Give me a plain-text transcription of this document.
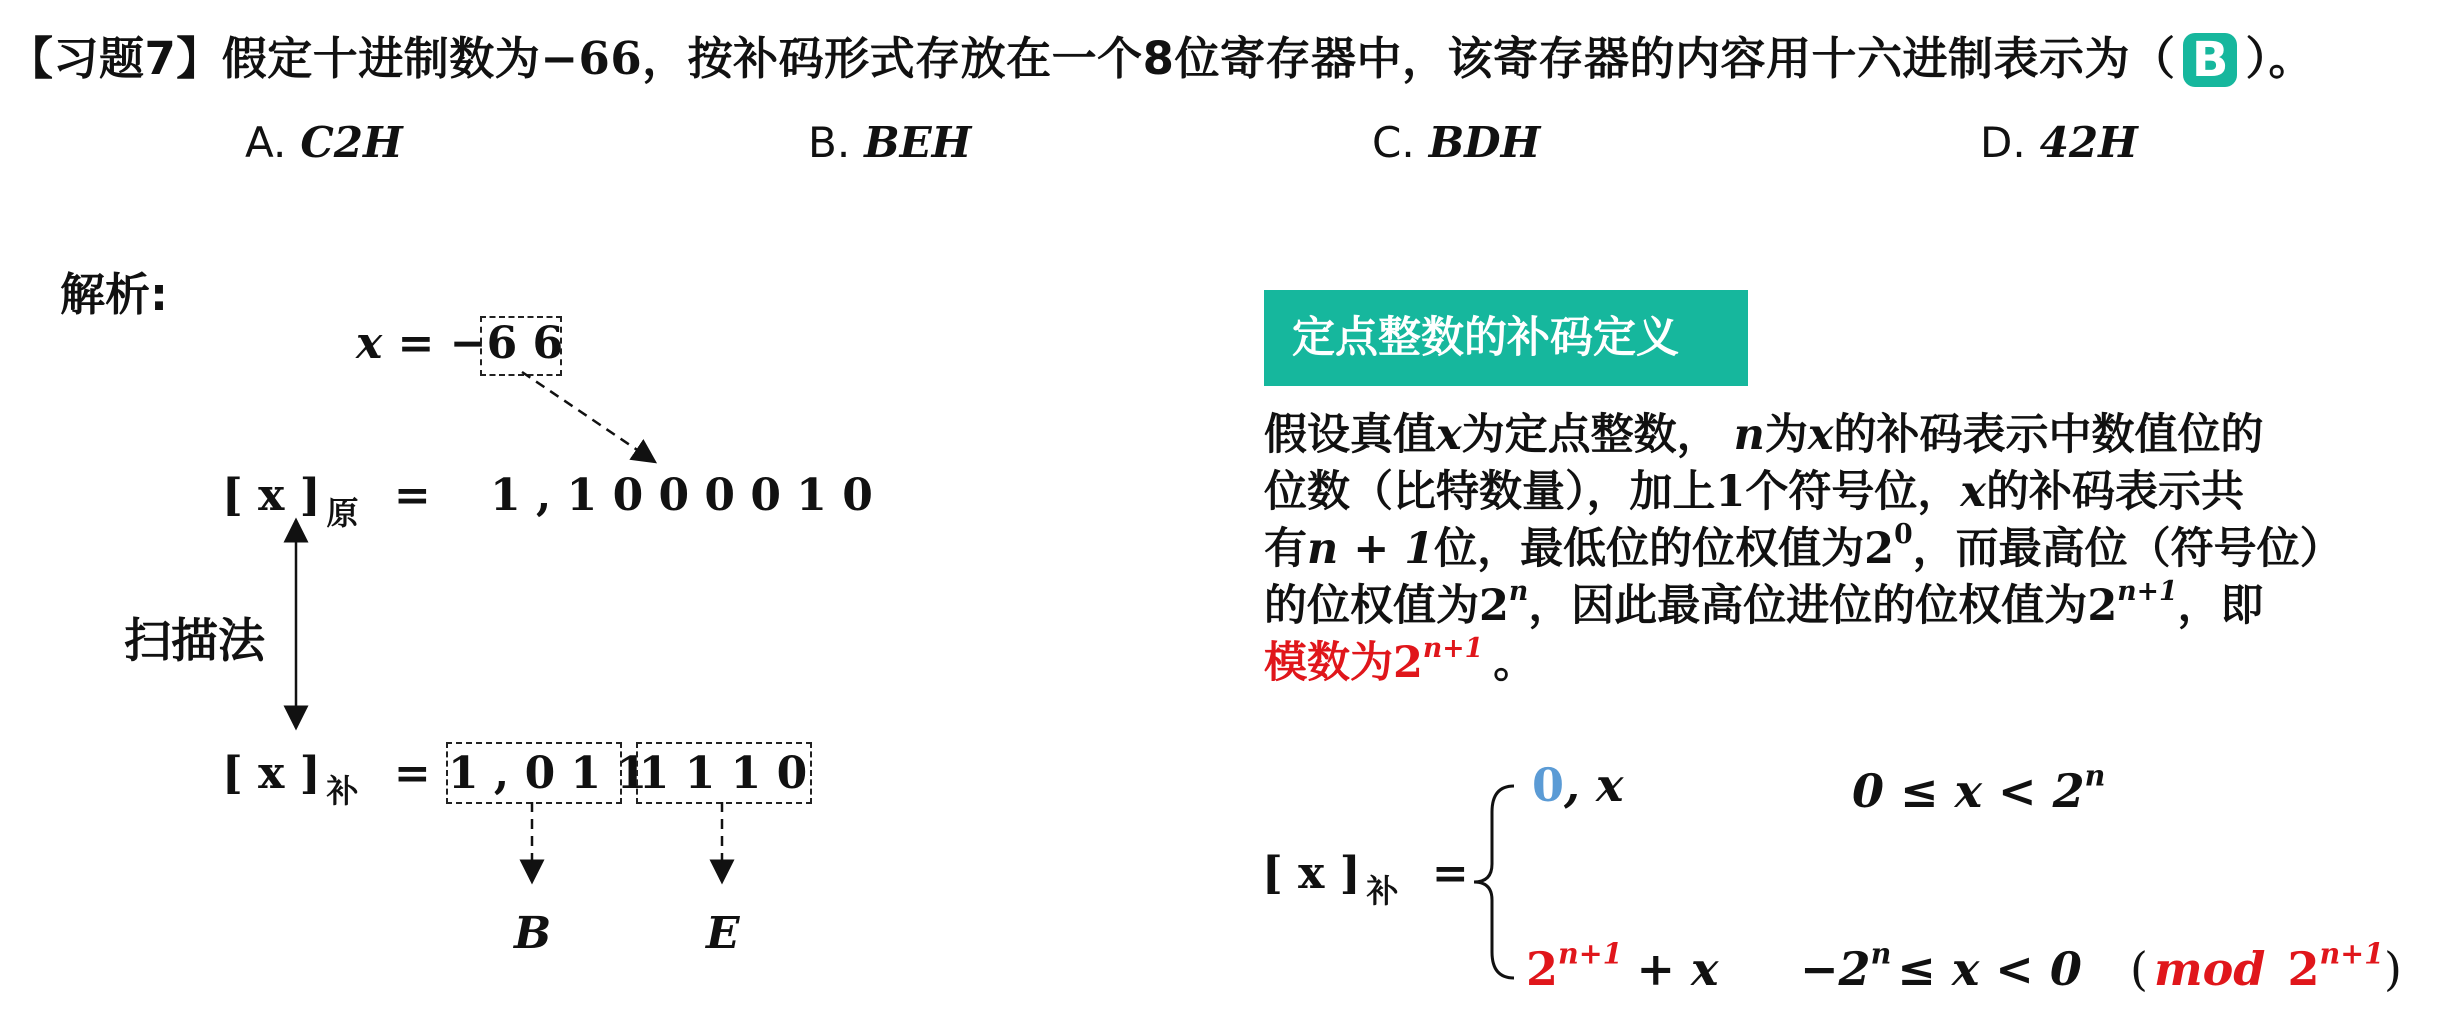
【习题7】假定十进制数为−66，按补码形式存放在一个8位寄存器中，该寄存器的内容用十六进制表示为（ B ）。
A. C2H	B. BEH	C. BDH	D. 42H
解析:
x = −6 6
[ x ] $_原$ = 1 , 1 0 0 0 0 1 0
扫描法
[ x ] $_补$ = 1 , 0 1 1
1 1 1 0
B	E
定点整数的补码定义
假设真值x为定点整数， n为x的补码表示中数值位的
位数（比特数量），加上1个符号位，x的补码表示共
有n + 1位，最低位的位权值为$2^0$，而最高位（符号位）
的位权值为2$^n$，因此最高位进位的位权值为$2^{n+1}$，即
模数为$2^{n+1}$ 。
[ x ] $_补$ =
0, x	$0 \le x < 2^n$
$2^{n+1} + x -2^n \le x < 0$ ( mod $2^{n+1}$)
